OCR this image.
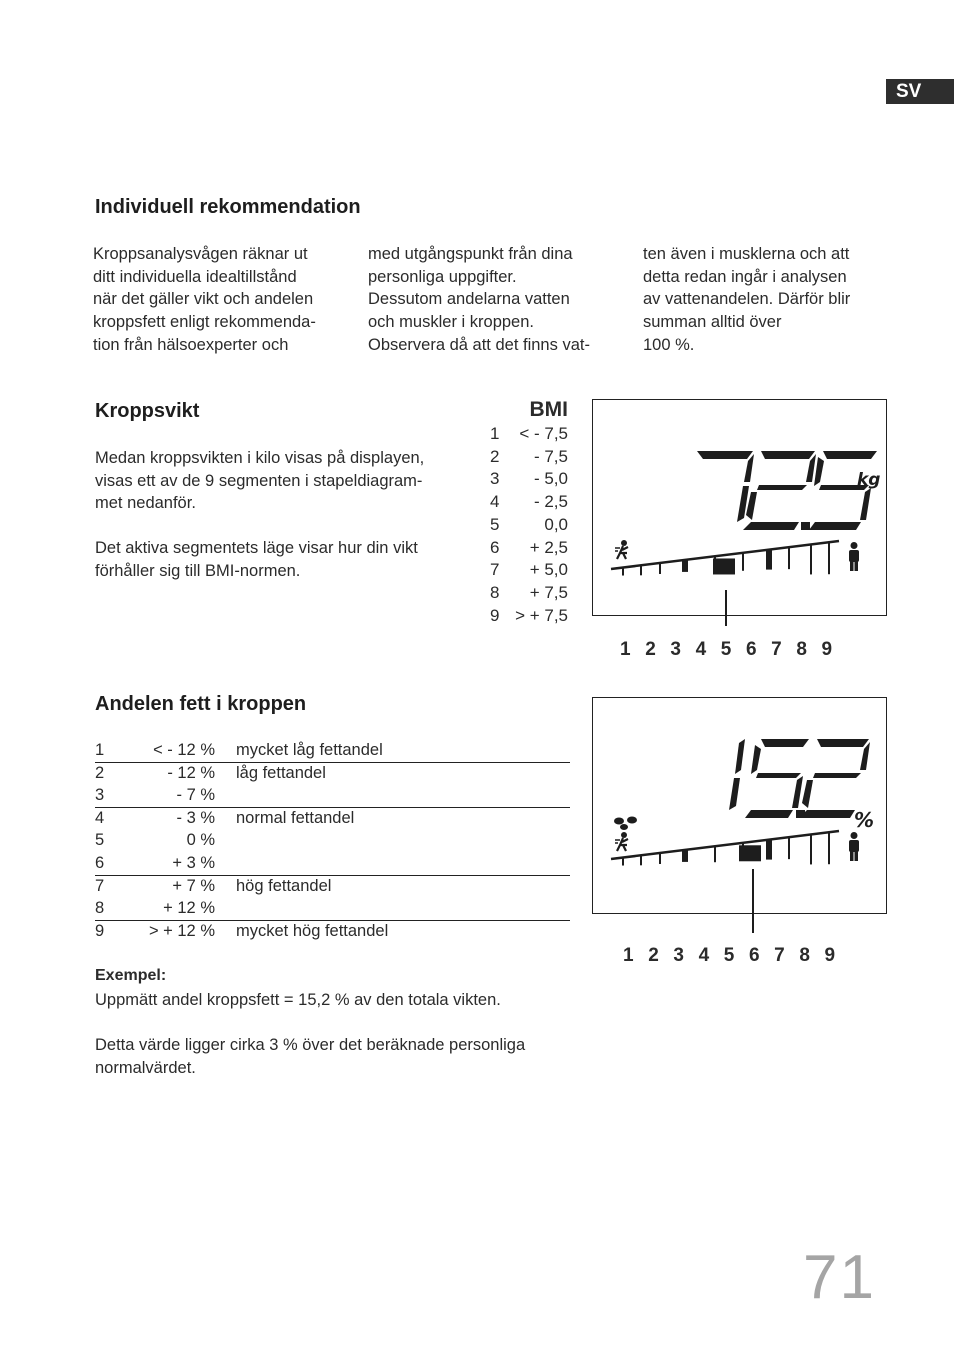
SV
Individuell rekommendation
Kroppsanalysvågen räknar ut
ditt individuella idealtillstånd
när det gäller vikt och andelen
kroppsfett enligt rekommenda-
tion från hälsoexperter och
med utgångspunkt från dina
personliga uppgifter.
Dessutom andelarna vatten
och muskler i kroppen.
Observera då att det finns vat-
ten även i musklerna och att
detta redan ingår i analysen
av vattenandelen. Därför blir
summan alltid över
100 %.
Kroppsvikt
Medan kroppsvikten i kilo visas på displayen,
visas ett av de 9 segmenten i stapeldiagram-
met nedanför.
Det aktiva segmentets läge visar hur din vikt
förhåller sig till BMI-normen.
BMI
1 < - 7,5
2 - 7,5
3 - 5,0
4 - 2,5
5	0,0
6 + 2,5
7 + 5,0
8 + 7,5
9 > + 7,5
kg
1 2 3 4 5 6 7 8 9
Andelen fett i kroppen
1	< - 12 % mycket låg fettandel
2	- 12 % låg fettandel
3	- 7 %
4	- 3 % normal fettandel
5	0 %
6	+ 3 %
7	+ 7 % hög fettandel
8	+ 12 %
9	> + 12 % mycket hög fettandel
Exempel:
Uppmätt andel kroppsfett = 15,2 % av den totala vikten.
Detta värde ligger cirka 3 % över det beräknade personliga
normalvärdet.
%
1 2 3 4 5 6 7 8 9
71
